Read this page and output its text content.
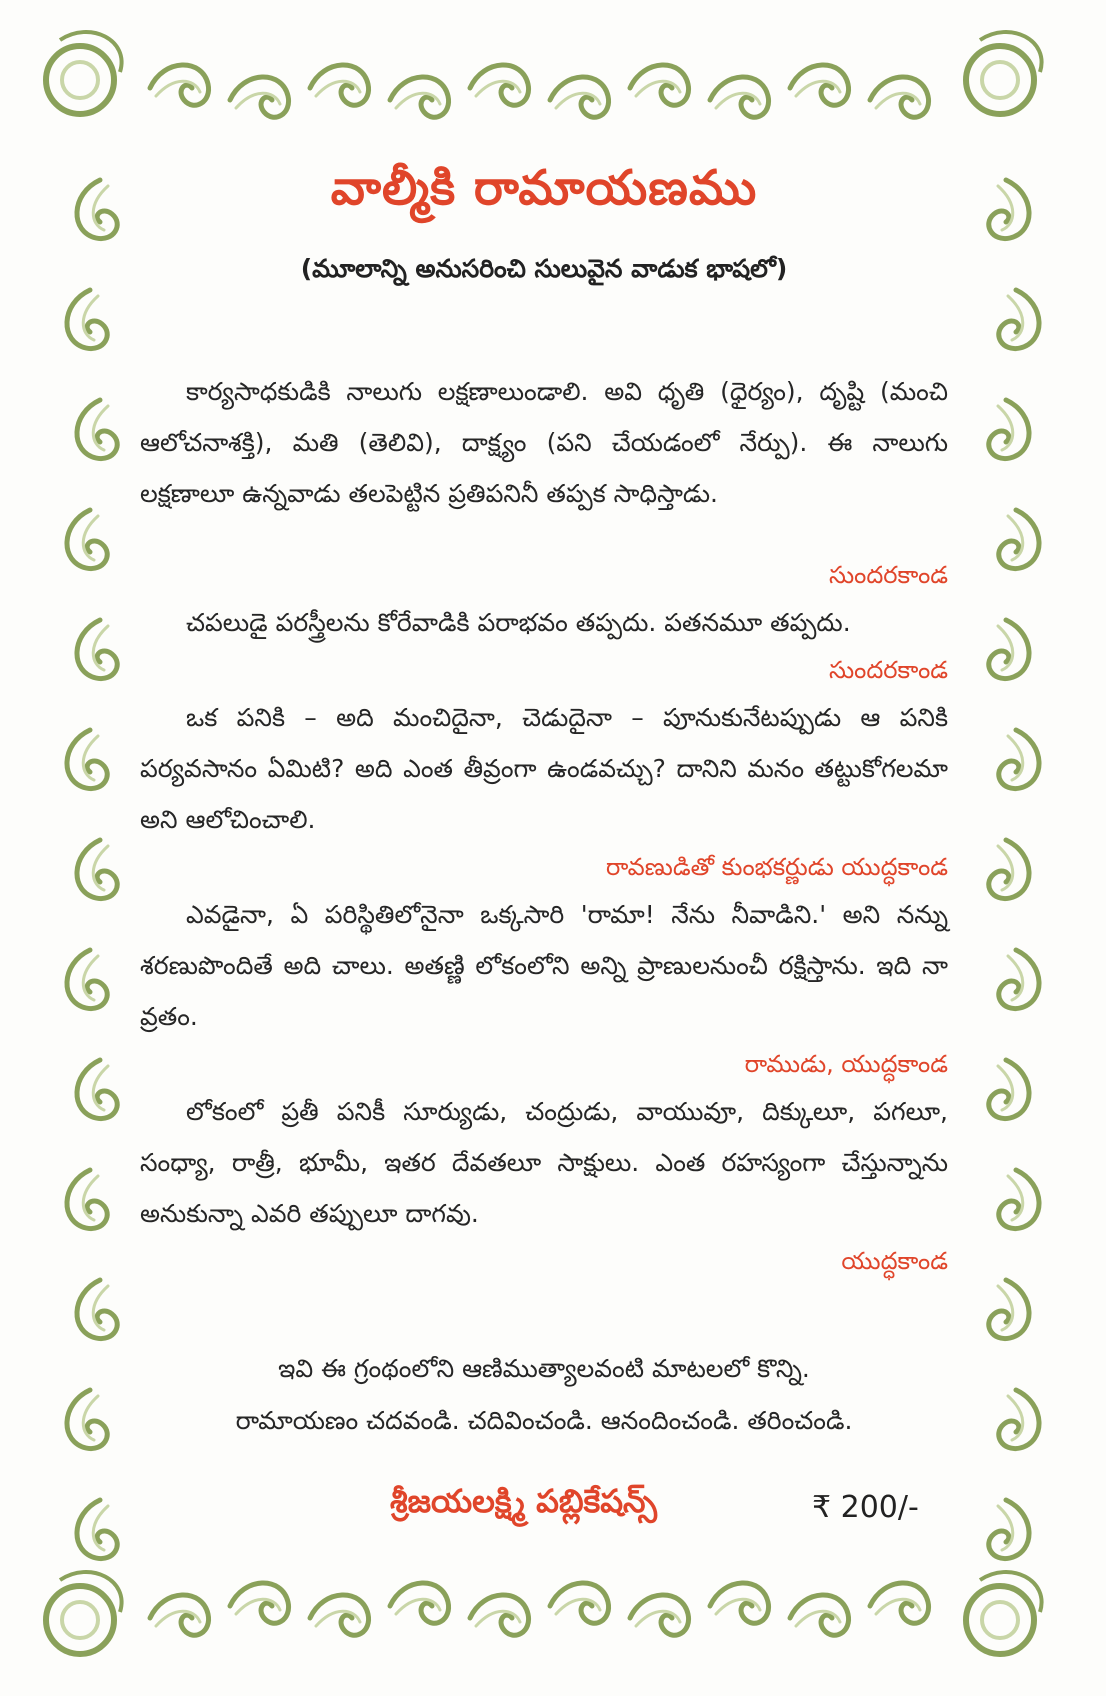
వాల్మీకి రామాయణము
(మూలాన్ని అనుసరించి సులువైన వాడుక భాషలో)

కార్యసాధకుడికి నాలుగు లక్షణాలుండాలి. అవి ధృతి (ధైర్యం), దృష్టి (మంచి ఆలోచనాశక్తి), మతి (తెలివి), దాక్ష్యం (పని చేయడంలో నేర్పు). ఈ నాలుగు లక్షణాలూ ఉన్నవాడు తలపెట్టిన ప్రతిపనినీ తప్పక సాధిస్తాడు.

సుందరకాండ

చపలుడై పరస్త్రీలను కోరేవాడికి పరాభవం తప్పదు. పతనమూ తప్పదు.

సుందరకాండ

ఒక పనికి – అది మంచిదైనా, చెడుదైనా – పూనుకునేటప్పుడు ఆ పనికి పర్యవసానం ఏమిటి? అది ఎంత తీవ్రంగా ఉండవచ్చు? దానిని మనం తట్టుకోగలమా అని ఆలోచించాలి.

రావణుడితో కుంభకర్ణుడు యుద్ధకాండ

ఎవడైనా, ఏ పరిస్థితిలోనైనా ఒక్కసారి 'రామా! నేను నీవాడిని.' అని నన్ను శరణుపొందితే అది చాలు. అతణ్ణి లోకంలోని అన్ని ప్రాణులనుంచీ రక్షిస్తాను. ఇది నా వ్రతం.

రాముడు, యుద్ధకాండ

లోకంలో ప్రతీ పనికీ సూర్యుడు, చంద్రుడు, వాయువూ, దిక్కులూ, పగలూ, సంధ్యా, రాత్రీ, భూమీ, ఇతర దేవతలూ సాక్షులు. ఎంత రహస్యంగా చేస్తున్నాను అనుకున్నా ఎవరి తప్పులూ దాగవు.

యుద్ధకాండ

ఇవి ఈ గ్రంథంలోని ఆణిముత్యాలవంటి మాటలలో కొన్ని.
రామాయణం చదవండి. చదివించండి. ఆనందించండి. తరించండి.
శ్రీజయలక్ష్మి పబ్లికేషన్స్	₹ 200/-
